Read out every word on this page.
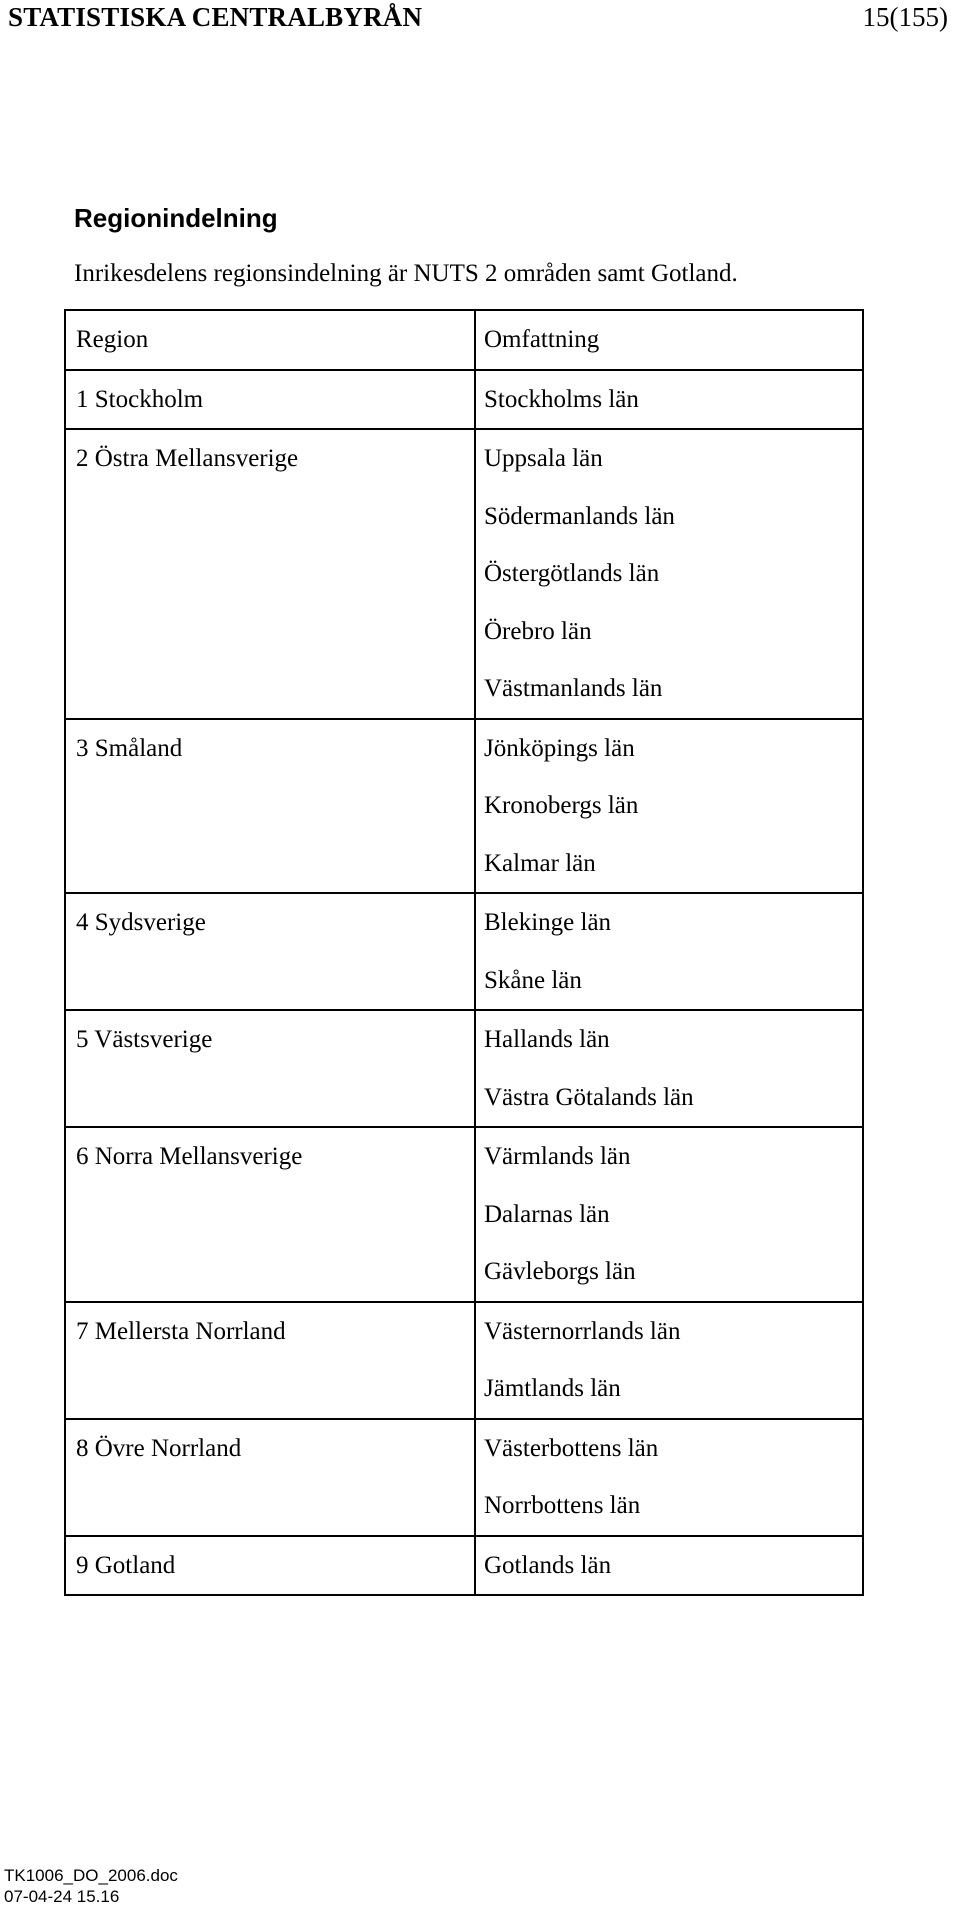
STATISTISKA CENTRALBYRÅN	15(155)
Regionindelning
Inrikesdelens regionsindelning är NUTS 2 områden samt Gotland.
Region	Omfattning

1 Stockholm	Stockholms län

2 Östra Mellansverige	Uppsala län
Södermanlands län
Östergötlands län
Örebro län
Västmanlands län

3 Småland	Jönköpings län
Kronobergs län
Kalmar län

4 Sydsverige	Blekinge län
Skåne län

5 Västsverige	Hallands län
Västra Götalands län

6 Norra Mellansverige	Värmlands län
Dalarnas län
Gävleborgs län

7 Mellersta Norrland	Västernorrlands län
Jämtlands län

8 Övre Norrland	Västerbottens län
Norrbottens län

9 Gotland	Gotlands län
TK1006_DO_2006.doc
07-04-24 15.16
